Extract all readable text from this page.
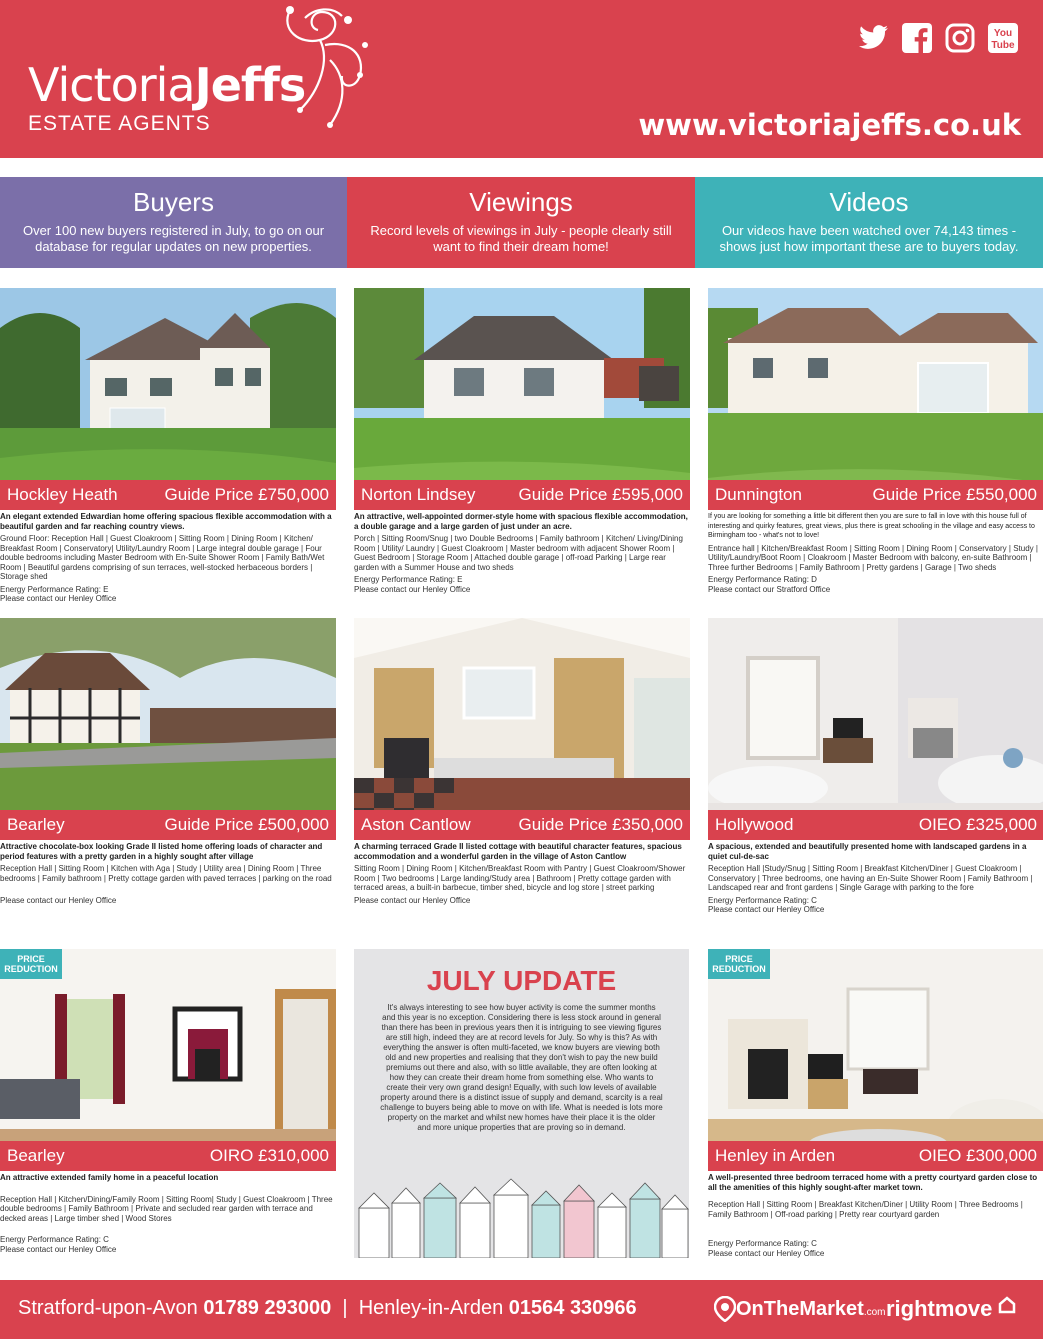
Victoria Jeffs
ESTATE AGENTS
You
Tube
www.victoriajeffs.co.uk
Buyers
Over 100 new buyers registered in July, to go on our database for regular updates on new properties.
Viewings
Record levels of viewings in July - people clearly still want to find their dream home!
Videos
Our videos have been watched over 74,143 times - shows just how important these are to buyers today.
Hockley Heath	Guide Price £750,000
An elegant extended Edwardian home offering spacious flexible accommodation with a beautiful garden and far reaching country views.
Ground Floor: Reception Hall | Guest Cloakroom | Sitting Room | Dining Room | Kitchen/ Breakfast Room | Conservatory| Utility/Laundry Room | Large integral double garage | Four double bedrooms including Master Bedroom with En-Suite Shower Room | Family Bath/Wet Room | Beautiful gardens comprising of sun terraces, well-stocked herbaceous borders | Storage shed
Energy Performance Rating: E
Please contact our Henley Office
Norton Lindsey	Guide Price £595,000
An attractive, well-appointed dormer-style home with spacious flexible accommodation, a double garage and a large garden of just under an acre.
Porch | Sitting Room/Snug | two Double Bedrooms | Family bathroom | Kitchen/ Living/Dining Room | Utility/ Laundry | Guest Cloakroom | Master bedroom with adjacent Shower Room | Guest Bedroom | Storage Room | Attached double garage | off-road Parking | Large rear garden with a Summer House and two sheds
Energy Performance Rating: E
Please contact our Henley Office
Dunnington	Guide Price £550,000
If you are looking for something a little bit different then you are sure to fall in love with this house full of interesting and quirky features, great views, plus there is great schooling in the village and easy access to Birmingham too - what's not to love!
Entrance hall | Kitchen/Breakfast Room | Sitting Room | Dining Room | Conservatory | Study | Utility/Laundry/Boot Room | Cloakroom | Master Bedroom with balcony, en-suite Bathroom | Three further Bedrooms | Family Bathroom | Pretty gardens | Garage | Two sheds
Energy Performance Rating: D
Please contact our Stratford Office
Bearley	Guide Price £500,000
Attractive chocolate-box looking Grade II listed home offering loads of character and period features with a pretty garden in a highly sought after village
Reception Hall | Sitting Room | Kitchen with Aga | Study | Utility area | Dining Room | Three bedrooms | Family bathroom | Pretty cottage garden with paved terraces | parking on the road
Please contact our Henley Office
Aston Cantlow	Guide Price £350,000
A charming terraced Grade II listed cottage with beautiful character features, spacious accommodation and a wonderful garden in the village of Aston Cantlow
Sitting Room | Dining Room | Kitchen/Breakfast Room with Pantry | Guest Cloakroom/Shower Room | Two bedrooms | Large landing/Study area | Bathroom | Pretty cottage garden with terraced areas, a built-in barbecue, timber shed, bicycle and log store | street parking
Please contact our Henley Office
Hollywood	OIEO £325,000
A spacious, extended and beautifully presented home with landscaped gardens in a quiet cul-de-sac
Reception Hall |Study/Snug | Sitting Room | Breakfast Kitchen/Diner | Guest Cloakroom | Conservatory | Three bedrooms, one having an En-Suite Shower Room | Family Bathroom | Landscaped rear and front gardens | Single Garage with parking to the fore
Energy Performance Rating: C
Please contact our Henley Office
PRICE
REDUCTION
Bearley	OIRO £310,000
An attractive extended family home in a peaceful location
Reception Hall | Kitchen/Dining/Family Room | Sitting Room| Study | Guest Cloakroom | Three double bedrooms | Family Bathroom | Private and secluded rear garden with terrace and decked areas | Large timber shed | Wood Stores
Energy Performance Rating: C
Please contact our Henley Office
JULY UPDATE
It's always interesting to see how buyer activity is come the summer months and this year is no exception. Considering there is less stock around in general than there has been in previous years then it is intriguing to see viewing figures are still high, indeed they are at record levels for July. So why is this? As with everything the answer is often multi-faceted, we know buyers are viewing both old and new properties and realising that they don't wish to pay the new build premiums out there and also, with so little available, they are often looking at how they can create their dream home from something else. Who wants to create their very own grand design! Equally, with such low levels of available property around there is a distinct issue of supply and demand, scarcity is a real challenge to buyers being able to move on with life. What is needed is lots more property on the market and whilst new homes have their place it is the older and more unique properties that are proving so in demand.
PRICE
REDUCTION
Henley in Arden	OIEO £300,000
A well-presented three bedroom terraced home with a pretty courtyard garden close to all the amenities of this highly sought-after market town.
Reception Hall | Sitting Room | Breakfast Kitchen/Diner | Utility Room | Three Bedrooms | Family Bathroom | Off-road parking | Pretty rear courtyard garden
Energy Performance Rating: C
Please contact our Henley Office
Stratford-upon-Avon 01789 293000 | Henley-in-Arden 01564 330966	OnTheMarket .com rightmove
